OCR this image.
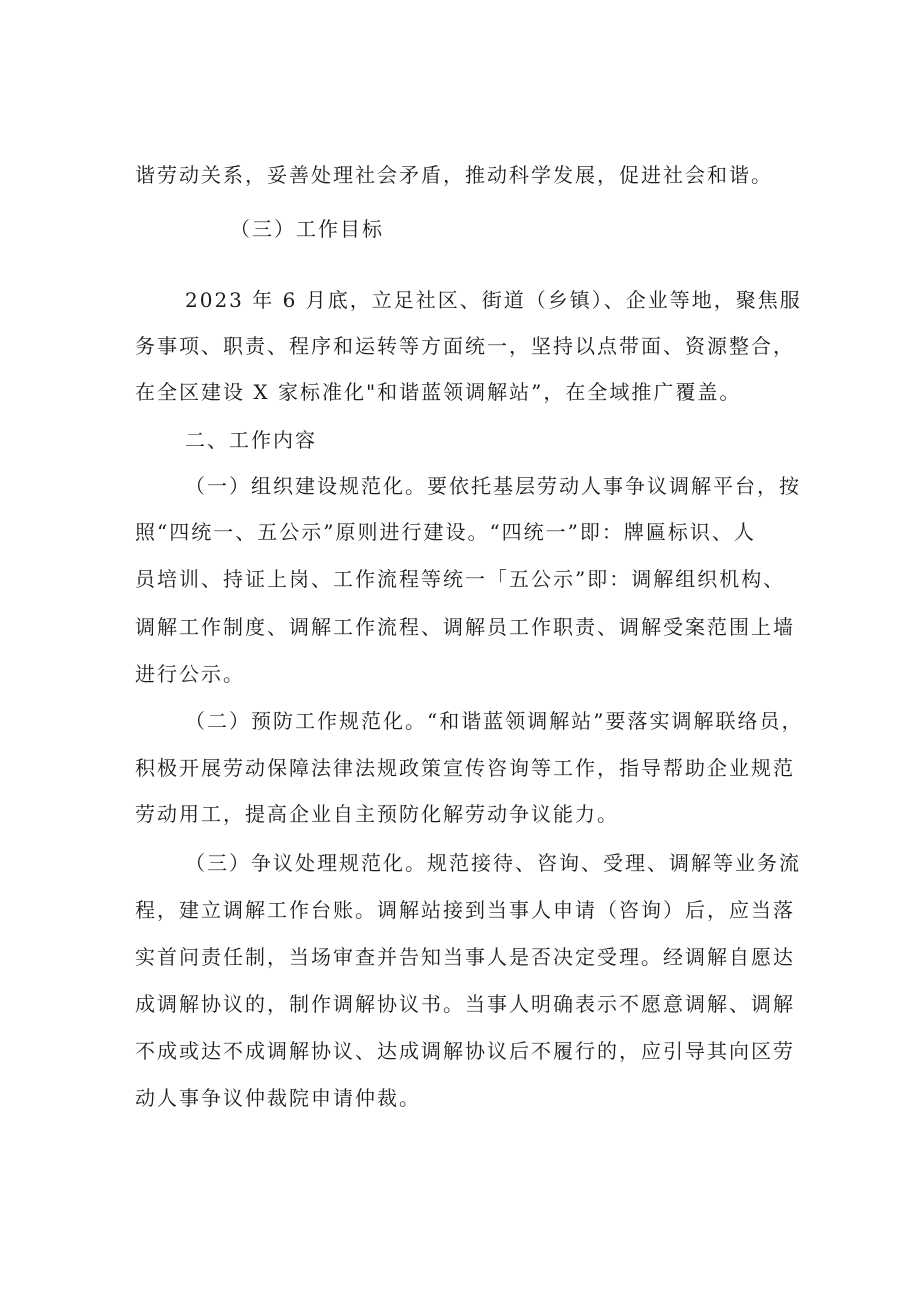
谐劳动关系，妥善处理社会矛盾，推动科学发展，促进社会和谐。
（三）工作目标
2023 年 6 月底，立足社区、街道（乡镇）、企业等地，聚焦服
务事项、职责、程序和运转等方面统一，坚持以点带面、资源整合，
在全区建设 X 家标准化"和谐蓝领调解站”，在全域推广覆盖。
二、工作内容
（一）组织建设规范化。要依托基层劳动人事争议调解平台，按
照“四统一、五公示”原则进行建设。“四统一”即：牌匾标识、人
员培训、持证上岗、工作流程等统一「五公示”即：调解组织机构、
调解工作制度、调解工作流程、调解员工作职责、调解受案范围上墙
进行公示。
（二）预防工作规范化。“和谐蓝领调解站”要落实调解联络员，
积极开展劳动保障法律法规政策宣传咨询等工作，指导帮助企业规范
劳动用工，提高企业自主预防化解劳动争议能力。
（三）争议处理规范化。规范接待、咨询、受理、调解等业务流
程，建立调解工作台账。调解站接到当事人申请（咨询）后，应当落
实首问责任制，当场审查并告知当事人是否决定受理。经调解自愿达
成调解协议的，制作调解协议书。当事人明确表示不愿意调解、调解
不成或达不成调解协议、达成调解协议后不履行的，应引导其向区劳
动人事争议仲裁院申请仲裁。
